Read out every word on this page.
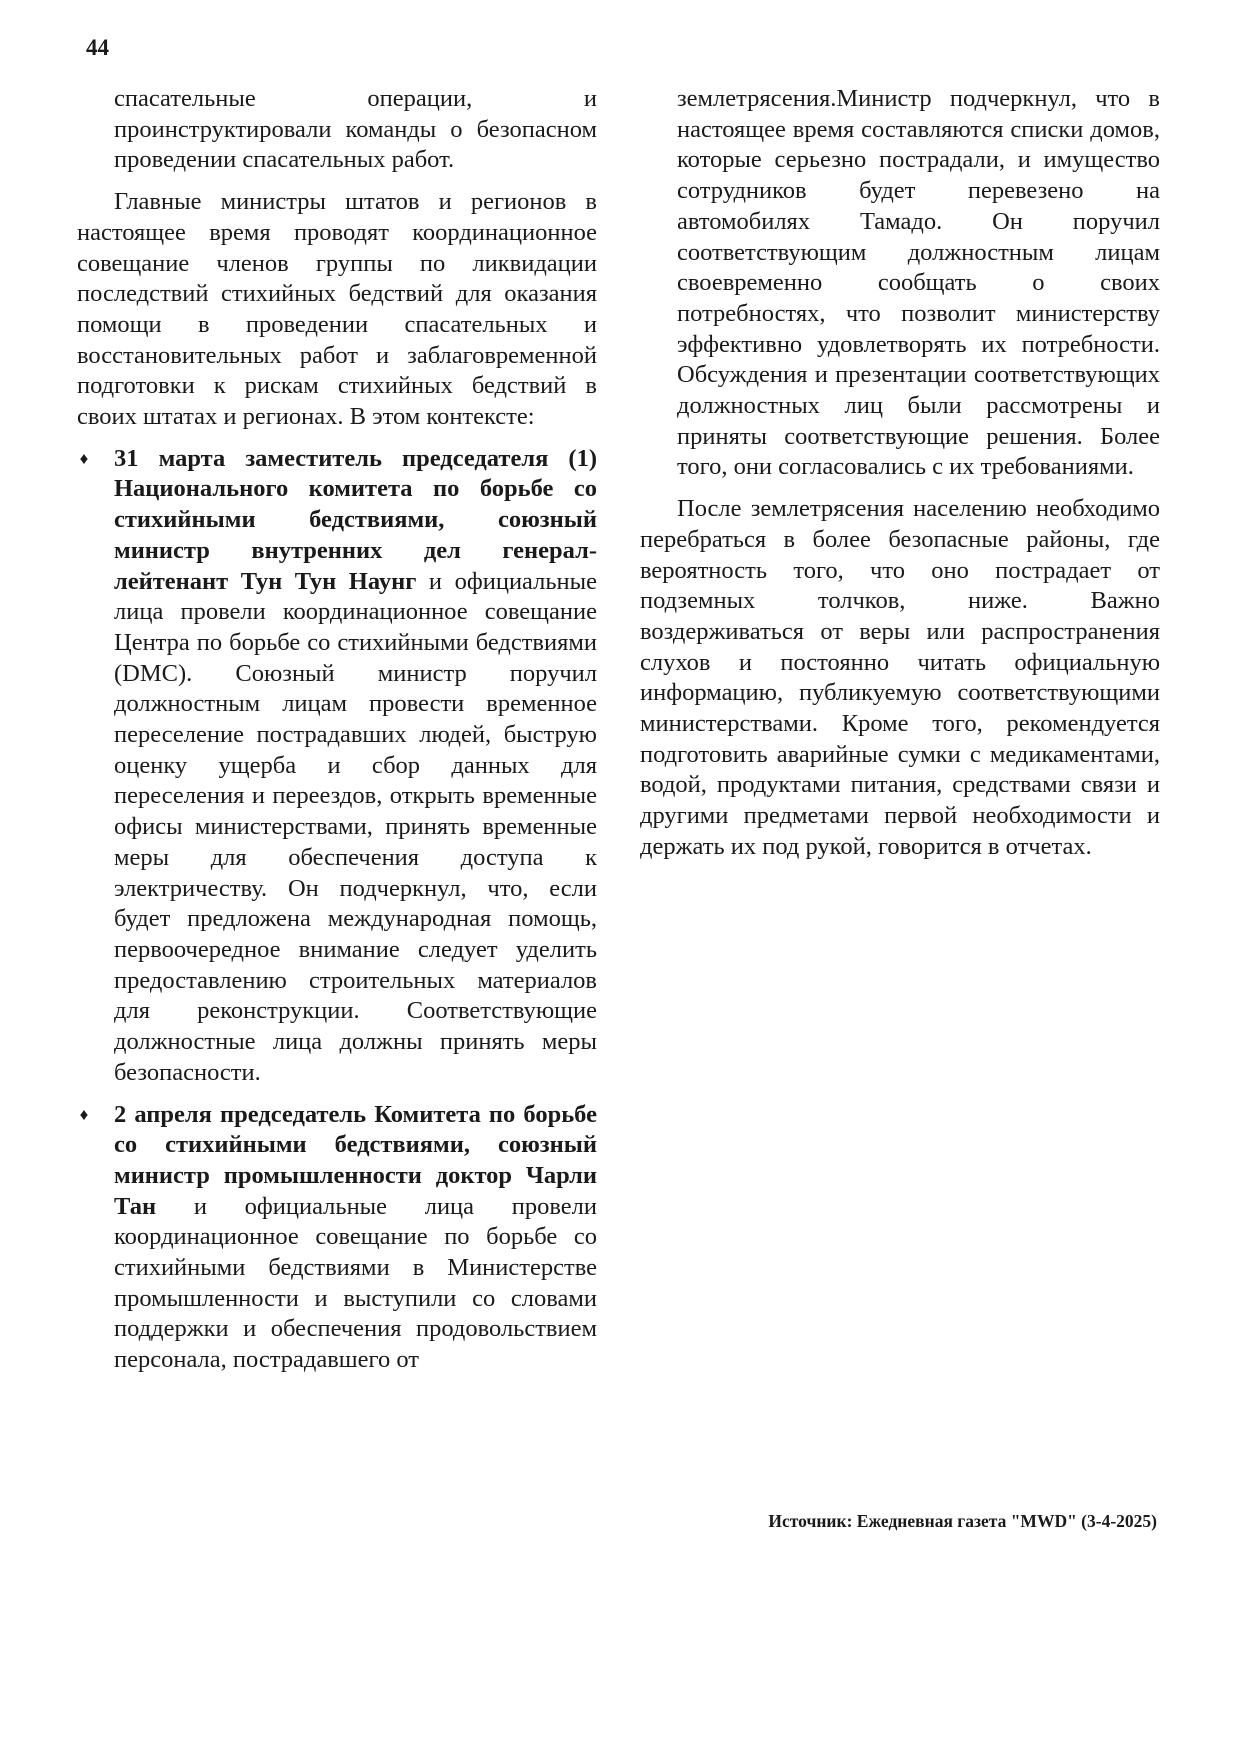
44

спасательные операции, и проинструктировали команды о безопасном проведении спасательных работ.

Главные министры штатов и регионов в настоящее время проводят координационное совещание членов группы по ликвидации последствий стихийных бедствий для оказания помощи в проведении спасательных и восстановительных работ и заблаговременной подготовки к рискам стихийных бедствий в своих штатах и регионах. В этом контексте:

♦ 31 марта заместитель председателя (1) Национального комитета по борьбе со стихийными бедствиями, союзный министр внутренних дел генерал-лейтенант Тун Тун Наунг и официальные лица провели координационное совещание Центра по борьбе со стихийными бедствиями (DMC). Союзный министр поручил должностным лицам провести временное переселение пострадавших людей, быструю оценку ущерба и сбор данных для переселения и переездов, открыть временные офисы министерствами, принять временные меры для обеспечения доступа к электричеству. Он подчеркнул, что, если будет предложена международная помощь, первоочередное внимание следует уделить предоставлению строительных материалов для реконструкции. Соответствующие должностные лица должны принять меры безопасности.

♦ 2 апреля председатель Комитета по борьбе со стихийными бедствиями, союзный министр промышленности доктор Чарли Тан и официальные лица провели координационное совещание по борьбе со стихийными бедствиями в Министерстве промышленности и выступили со словами поддержки и обеспечения продовольствием персонала, пострадавшего от

землетрясения.Министр подчеркнул, что в настоящее время составляются списки домов, которые серьезно пострадали, и имущество сотрудников будет перевезено на автомобилях Тамадо. Он поручил соответствующим должностным лицам своевременно сообщать о своих потребностях, что позволит министерству эффективно удовлетворять их потребности. Обсуждения и презентации соответствующих должностных лиц были рассмотрены и приняты соответствующие решения. Более того, они согласовались с их требованиями.

После землетрясения населению необходимо перебраться в более безопасные районы, где вероятность того, что оно пострадает от подземных толчков, ниже. Важно воздерживаться от веры или распространения слухов и постоянно читать официальную информацию, публикуемую соответствующими министерствами. Кроме того, рекомендуется подготовить аварийные сумки с медикаментами, водой, продуктами питания, средствами связи и другими предметами первой необходимости и держать их под рукой, говорится в отчетах.

Источник: Ежедневная газета "MWD" (3-4-2025)
